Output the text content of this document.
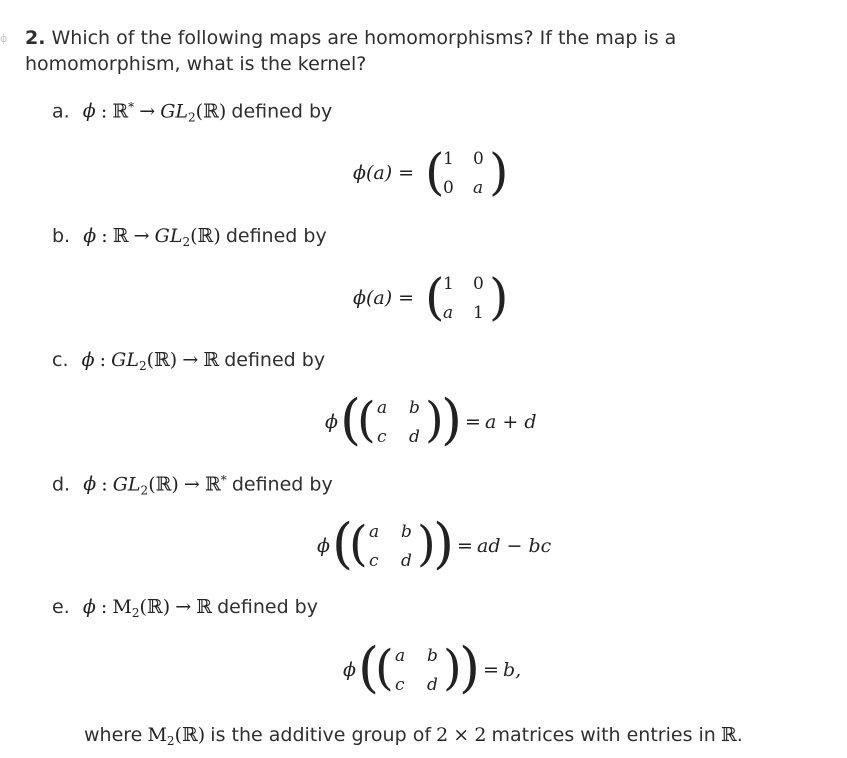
ϕ 2. Which of the following maps are homomorphisms? If the map is a
homomorphism, what is the kernel?
a. ϕ : ℝ* → $GL_2(ℝ)$ defined by
ϕ(a) = (
1 0
0 a )
b. ϕ : ℝ → $GL_2(ℝ)$ defined by
ϕ(a) = (
1 0
a 1 )
c. ϕ : $GL_2(ℝ)$ → ℝ defined by
ϕ (
( a b
c d )
) = a + d
d. ϕ : $GL_2(ℝ)$ → ℝ* defined by
ϕ (
( a b
c d )
) = ad − bc
e. ϕ : $M_2(ℝ)$ → ℝ defined by
ϕ (
( a b
c d )
) = b,
where $M_2(ℝ)$ is the additive group of 2 × 2 matrices with entries in ℝ.
